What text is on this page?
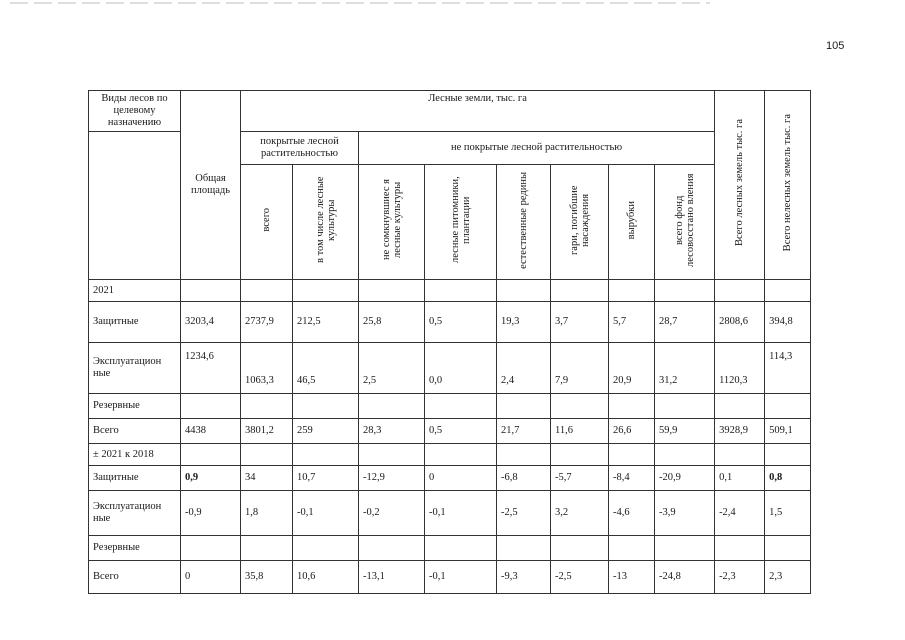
105
Виды лесов по целевому назначению	Общая площадь	Лесные земли, тыс. га								Всего лесных земель тыс. га	Всего нелесных земель тыс. га
		покрытые лесной растительностью		не покрытые лесной растительностью							
		всего	в том числе лесные культуры	не сомкнувшиес я лесные культуры	лесные питомники, плантации	естественные редины	гари, погибшие насаждения	вырубки	всего фонд лесовосстано вления		
2021											
Защитные	3203,4	2737,9	212,5	25,8	0,5	19,3	3,7	5,7	28,7	2808,6	394,8
Эксплуатацион ные	1234,6	1063,3	46,5	2,5	0,0	2,4	7,9	20,9	31,2	1120,3	114,3
Резервные											
Всего	4438	3801,2	259	28,3	0,5	21,7	11,6	26,6	59,9	3928,9	509,1
± 2021 к 2018											
Защитные	0,9	34	10,7	-12,9	0	-6,8	-5,7	-8,4	-20,9	0,1	0,8
Эксплуатацион ные	-0,9	1,8	-0,1	-0,2	-0,1	-2,5	3,2	-4,6	-3,9	-2,4	1,5
Резервные											
Всего	0	35,8	10,6	-13,1	-0,1	-9,3	-2,5	-13	-24,8	-2,3	2,3
